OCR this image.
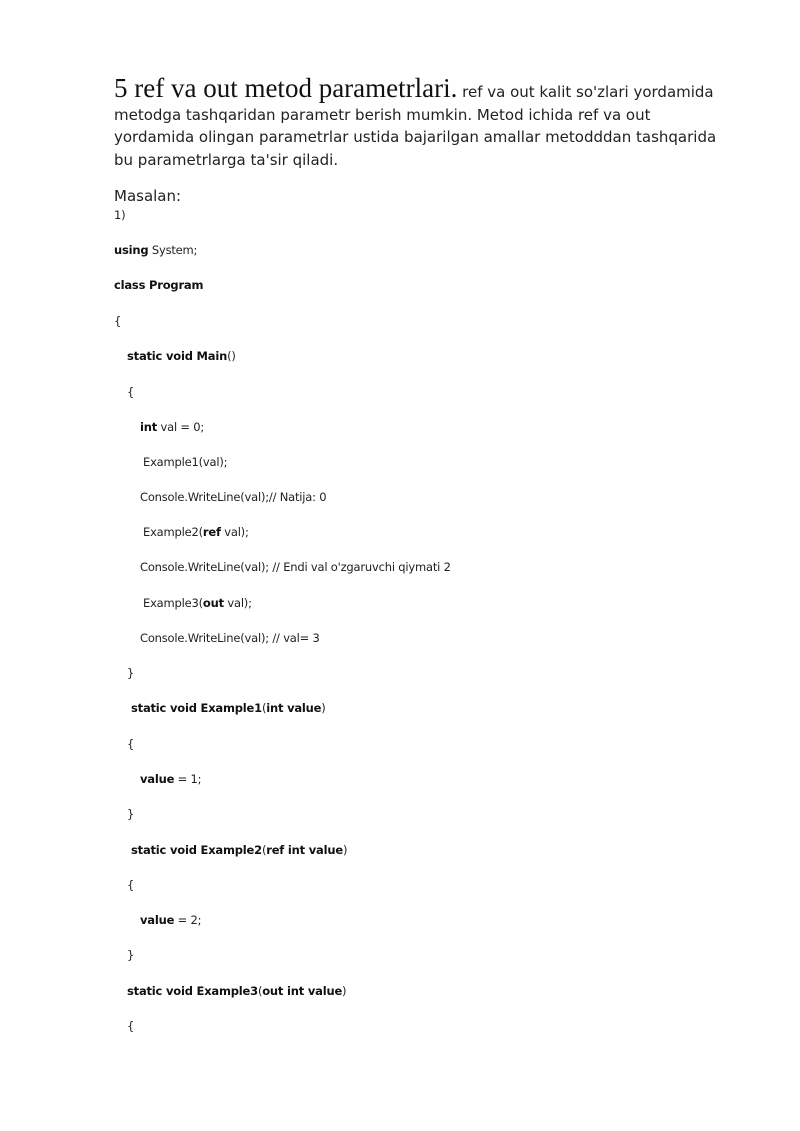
5 ref va out metod parametrlari. ref va out kalit so'zlari yordamida metodga tashqaridan parametr berish mumkin. Metod ichida ref va out yordamida olingan parametrlar ustida bajarilgan amallar metodddan tashqarida bu parametrlarga ta'sir qiladi.

Masalan:

1)

using System;

class Program

{

static void Main()

{

int val = 0;

Example1(val);

Console.WriteLine(val);// Natija: 0

Example2(ref val);

Console.WriteLine(val); // Endi val o'zgaruvchi qiymati 2

Example3(out val);

Console.WriteLine(val); // val= 3

}

static void Example1(int value)

{

value = 1;

}

static void Example2(ref int value)

{

value = 2;

}

static void Example3(out int value)

{
